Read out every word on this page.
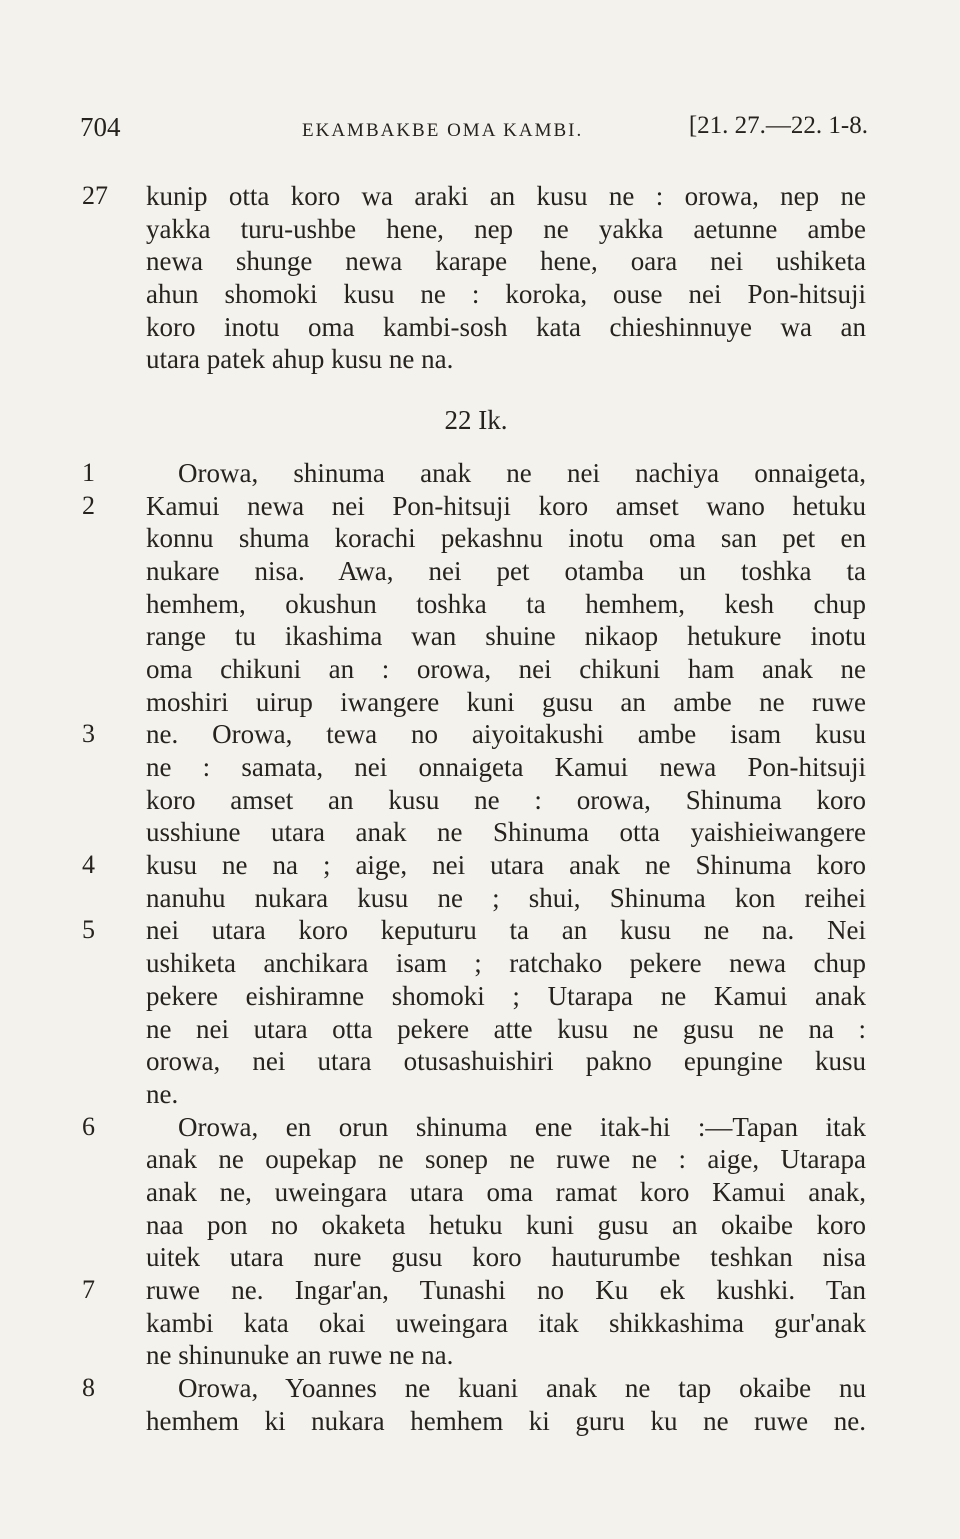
704	EKAMBAKBE OMA KAMBI.	[21. 27.—22. 1-8.
27	kunip otta koro wa araki an kusu ne : orowa, nep ne
yakka turu-ushbe hene, nep ne yakka aetunne ambe
newa shunge newa karape hene, oara nei ushiketa
ahun shomoki kusu ne : koroka, ouse nei Pon-hitsuji
koro inotu oma kambi-sosh kata chieshinnuye wa an
utara patek ahup kusu ne na.
22 Ik.
1	Orowa, shinuma anak ne nei nachiya onnaigeta,
2	Kamui newa nei Pon-hitsuji koro amset wano hetuku
konnu shuma korachi pekashnu inotu oma san pet en
nukare nisa. Awa, nei pet otamba un toshka ta
hemhem, okushun toshka ta hemhem, kesh chup
range tu ikashima wan shuine nikaop hetukure inotu
oma chikuni an : orowa, nei chikuni ham anak ne
moshiri uirup iwangere kuni gusu an ambe ne ruwe
3	ne. Orowa, tewa no aiyoitakushi ambe isam kusu
ne : samata, nei onnaigeta Kamui newa Pon-hitsuji
koro amset an kusu ne : orowa, Shinuma koro
usshiune utara anak ne Shinuma otta yaishieiwangere
4	kusu ne na ; aige, nei utara anak ne Shinuma koro
nanuhu nukara kusu ne ; shui, Shinuma kon reihei
5	nei utara koro keputuru ta an kusu ne na. Nei
ushiketa anchikara isam ; ratchako pekere newa chup
pekere eishiramne shomoki ; Utarapa ne Kamui anak
ne nei utara otta pekere atte kusu ne gusu ne na :
orowa, nei utara otusashuishiri pakno epungine kusu
ne.
6	Orowa, en orun shinuma ene itak-hi :—Tapan itak
anak ne oupekap ne sonep ne ruwe ne : aige, Utarapa
anak ne, uweingara utara oma ramat koro Kamui anak,
naa pon no okaketa hetuku kuni gusu an okaibe koro
uitek utara nure gusu koro hauturumbe teshkan nisa
7	ruwe ne. Ingar'an, Tunashi no Ku ek kushki. Tan
kambi kata okai uweingara itak shikkashima gur'anak
ne shinunuke an ruwe ne na.
8	Orowa, Yoannes ne kuani anak ne tap okaibe nu
hemhem ki nukara hemhem ki guru ku ne ruwe ne.
